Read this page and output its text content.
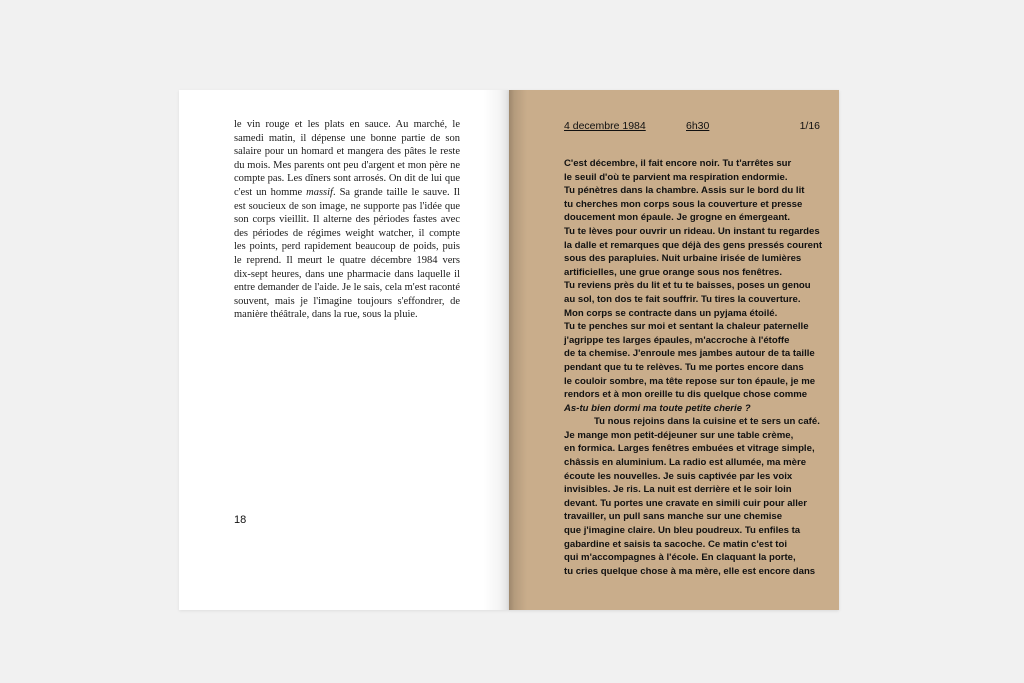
le vin rouge et les plats en sauce. Au marché, le samedi matin, il dépense une bonne partie de son salaire pour un homard et mangera des pâtes le reste du mois. Mes parents ont peu d'argent et mon père ne compte pas. Les dîners sont arrosés. On dit de lui que c'est un homme massif. Sa grande taille le sauve. Il est soucieux de son image, ne supporte pas l'idée que son corps vieillit. Il alterne des périodes fastes avec des périodes de régimes weight watcher, il compte les points, perd rapidement beaucoup de poids, puis le reprend. Il meurt le quatre décembre 1984 vers dix-sept heures, dans une pharmacie dans laquelle il entre demander de l'aide. Je le sais, cela m'est raconté souvent, mais je l'imagine toujours s'effondrer, de manière théâtrale, dans la rue, sous la pluie.
18
4 decembre 1984	6h30	1/16
C'est décembre, il fait encore noir. Tu t'arrêtes sur
le seuil d'où te parvient ma respiration endormie.
Tu pénètres dans la chambre. Assis sur le bord du lit
tu cherches mon corps sous la couverture et presse
doucement mon épaule. Je grogne en émergeant.
Tu te lèves pour ouvrir un rideau. Un instant tu regardes
la dalle et remarques que déjà des gens pressés courent
sous des parapluies. Nuit urbaine irisée de lumières
artificielles, une grue orange sous nos fenêtres.
Tu reviens près du lit et tu te baisses, poses un genou
au sol, ton dos te fait souffrir. Tu tires la couverture.
Mon corps se contracte dans un pyjama étoilé.
Tu te penches sur moi et sentant la chaleur paternelle
j'agrippe tes larges épaules, m'accroche à l'étoffe
de ta chemise. J'enroule mes jambes autour de ta taille
pendant que tu te relèves. Tu me portes encore dans
le couloir sombre, ma tête repose sur ton épaule, je me
rendors et à mon oreille tu dis quelque chose comme
As-tu bien dormi ma toute petite cherie ?
Tu nous rejoins dans la cuisine et te sers un café.
Je mange mon petit-déjeuner sur une table crème,
en formica. Larges fenêtres embuées et vitrage simple,
châssis en aluminium. La radio est allumée, ma mère
écoute les nouvelles. Je suis captivée par les voix
invisibles. Je ris. La nuit est derrière et le soir loin
devant. Tu portes une cravate en simili cuir pour aller
travailler, un pull sans manche sur une chemise
que j'imagine claire. Un bleu poudreux. Tu enfiles ta
gabardine et saisis ta sacoche. Ce matin c'est toi
qui m'accompagnes à l'école. En claquant la porte,
tu cries quelque chose à ma mère, elle est encore dans
